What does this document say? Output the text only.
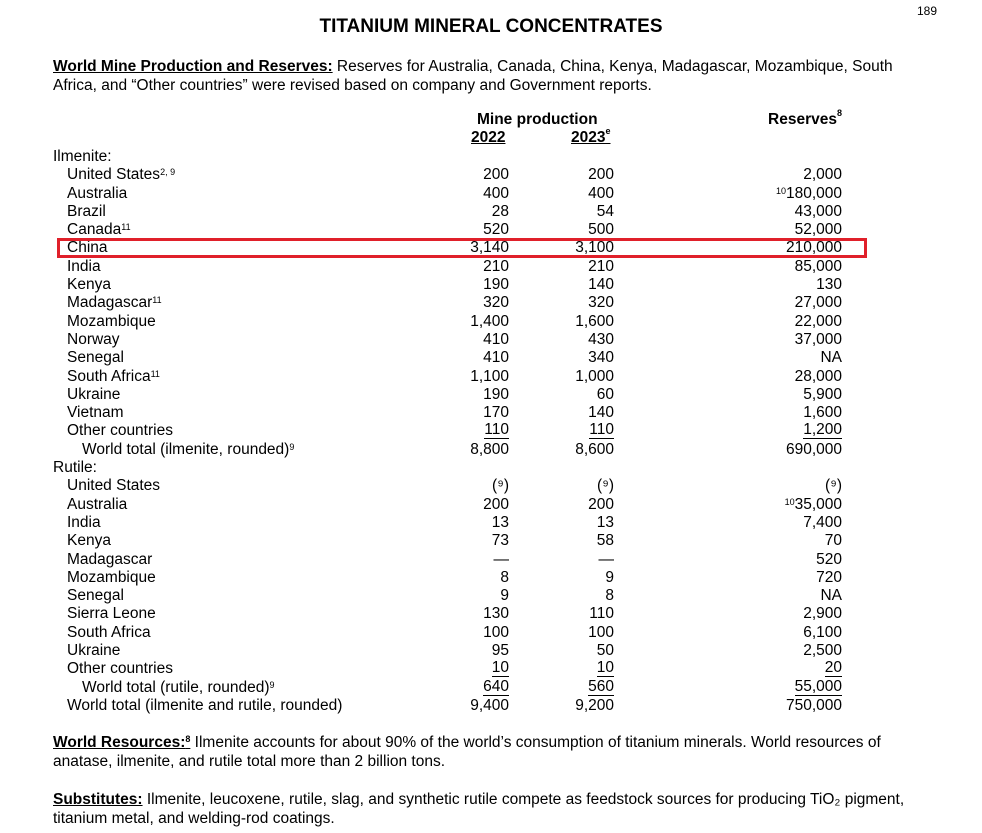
189
TITANIUM MINERAL CONCENTRATES
World Mine Production and Reserves: Reserves for Australia, Canada, China, Kenya, Madagascar, Mozambique, South Africa, and “Other countries” were revised based on company and Government reports.
Mine production
2022	2023e
Reserves$^8$
Ilmenite:
United States$^{2, 9}$	200	200	2,000
Australia	400	400	$^{10}$180,000
Brazil	28	54	43,000
Canada$^{11}$	520	500	52,000
China	3,140	3,100	210,000
India	210	210	85,000
Kenya	190	140	130
Madagascar$^{11}$	320	320	27,000
Mozambique	1,400	1,600	22,000
Norway	410	430	37,000
Senegal	410	340	NA
South Africa$^{11}$	1,100	1,000	28,000
Ukraine	190	60	5,900
Vietnam	170	140	1,600
Other countries	110	110	1,200
World total (ilmenite, rounded)$^9$	8,800	8,600	690,000
Rutile:
United States	(⁹)	(⁹)	(⁹)
Australia	200	200	$^{10}$35,000
India	13	13	7,400
Kenya	73	58	70
Madagascar	—	—	520
Mozambique	8	9	720
Senegal	9	8	NA
Sierra Leone	130	110	2,900
South Africa	100	100	6,100
Ukraine	95	50	2,500
Other countries	10	10	20
World total (rutile, rounded)$^9$	640	560	55,000
World total (ilmenite and rutile, rounded)	9,400	9,200	750,000
World Resources:$^8$ Ilmenite accounts for about 90% of the world’s consumption of titanium minerals. World resources of anatase, ilmenite, and rutile total more than 2 billion tons.
Substitutes: Ilmenite, leucoxene, rutile, slag, and synthetic rutile compete as feedstock sources for producing TiO₂ pigment, titanium metal, and welding-rod coatings.
